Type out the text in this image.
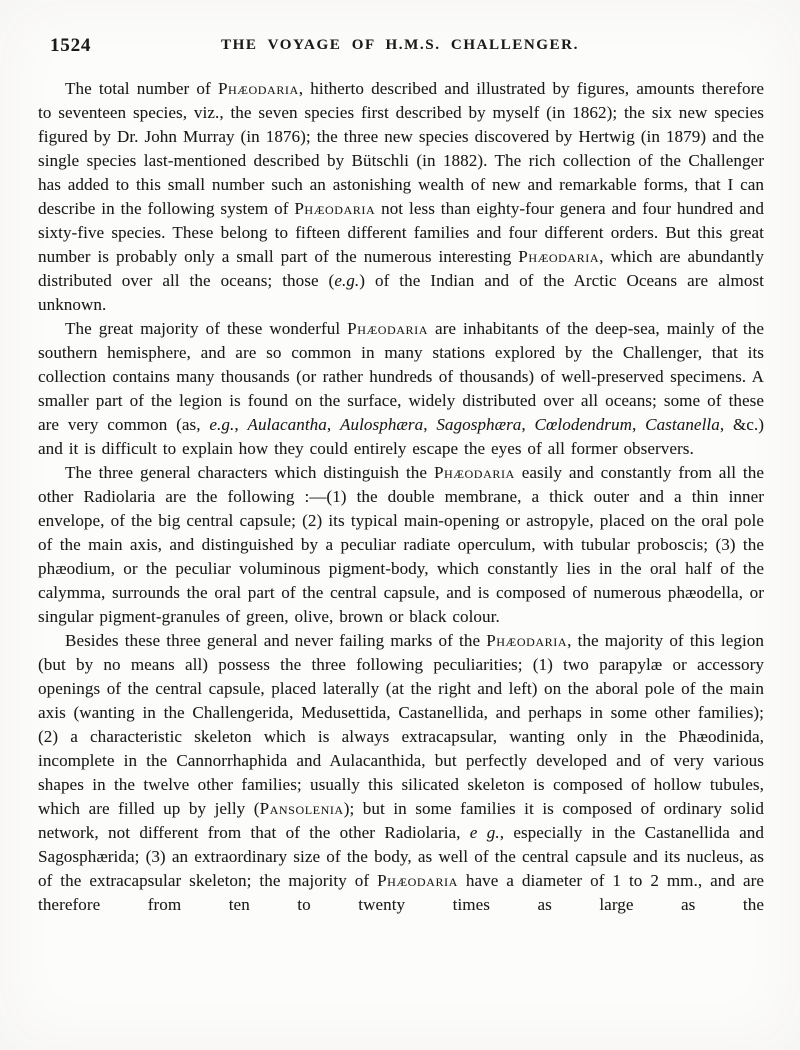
1524	THE VOYAGE OF H.M.S. CHALLENGER.

The total number of Phæodaria, hitherto described and illustrated by figures, amounts therefore to seventeen species, viz., the seven species first described by myself (in 1862); the six new species figured by Dr. John Murray (in 1876); the three new species discovered by Hertwig (in 1879) and the single species last-mentioned described by Bütschli (in 1882). The rich collection of the Challenger has added to this small number such an astonishing wealth of new and remarkable forms, that I can describe in the following system of Phæodaria not less than eighty-four genera and four hundred and sixty-five species. These belong to fifteen different families and four different orders. But this great number is probably only a small part of the numerous interesting Phæodaria, which are abundantly distributed over all the oceans; those (e.g.) of the Indian and of the Arctic Oceans are almost unknown.

The great majority of these wonderful Phæodaria are inhabitants of the deep-sea, mainly of the southern hemisphere, and are so common in many stations explored by the Challenger, that its collection contains many thousands (or rather hundreds of thousands) of well-preserved specimens. A smaller part of the legion is found on the surface, widely distributed over all oceans; some of these are very common (as, e.g., Aulacantha, Aulosphæra, Sagosphæra, Cœlodendrum, Castanella, &c.) and it is difficult to explain how they could entirely escape the eyes of all former observers.

The three general characters which distinguish the Phæodaria easily and constantly from all the other Radiolaria are the following :—(1) the double membrane, a thick outer and a thin inner envelope, of the big central capsule; (2) its typical main-opening or astropyle, placed on the oral pole of the main axis, and distinguished by a peculiar radiate operculum, with tubular proboscis; (3) the phæodium, or the peculiar voluminous pigment-body, which constantly lies in the oral half of the calymma, surrounds the oral part of the central capsule, and is composed of numerous phæodella, or singular pigment-granules of green, olive, brown or black colour.

Besides these three general and never failing marks of the Phæodaria, the majority of this legion (but by no means all) possess the three following peculiarities; (1) two parapylæ or accessory openings of the central capsule, placed laterally (at the right and left) on the aboral pole of the main axis (wanting in the Challengerida, Medusettida, Castanellida, and perhaps in some other families); (2) a characteristic skeleton which is always extracapsular, wanting only in the Phæodinida, incomplete in the Cannorrhaphida and Aulacanthida, but perfectly developed and of very various shapes in the twelve other families; usually this silicated skeleton is composed of hollow tubules, which are filled up by jelly (Pansolenia); but in some families it is composed of ordinary solid network, not different from that of the other Radiolaria, e g., especially in the Castanellida and Sagosphærida; (3) an extraordinary size of the body, as well of the central capsule and its nucleus, as of the extracapsular skeleton; the majority of Phæodaria have a diameter of 1 to 2 mm., and are therefore from ten to twenty times as large as the
